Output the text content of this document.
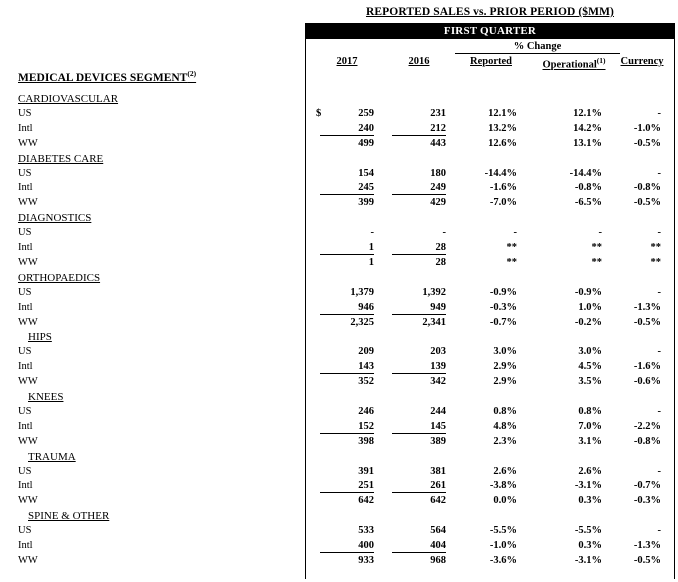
REPORTED SALES vs. PRIOR PERIOD ($MM)
FIRST QUARTER
% Change
2017	2016	Reported	Operational$^{(1)}$	Currency
MEDICAL DEVICES SEGMENT$^{(2)}$
CARDIOVASCULAR
US	$	259	231	12.1%	12.1%	-
Intl	240	212	13.2%	14.2%	-1.0%
WW	499	443	12.6%	13.1%	-0.5%
DIABETES CARE
US	154	180	-14.4%	-14.4%	-
Intl	245	249	-1.6%	-0.8%	-0.8%
WW	399	429	-7.0%	-6.5%	-0.5%
DIAGNOSTICS
US	-	-	-	-	-
Intl	1	28	**	**	**
WW	1	28	**	**	**
ORTHOPAEDICS
US	1,379	1,392	-0.9%	-0.9%	-
Intl	946	949	-0.3%	1.0%	-1.3%
WW	2,325	2,341	-0.7%	-0.2%	-0.5%
HIPS
US	209	203	3.0%	3.0%	-
Intl	143	139	2.9%	4.5%	-1.6%
WW	352	342	2.9%	3.5%	-0.6%
KNEES
US	246	244	0.8%	0.8%	-
Intl	152	145	4.8%	7.0%	-2.2%
WW	398	389	2.3%	3.1%	-0.8%
TRAUMA
US	391	381	2.6%	2.6%	-
Intl	251	261	-3.8%	-3.1%	-0.7%
WW	642	642	0.0%	0.3%	-0.3%
SPINE & OTHER
US	533	564	-5.5%	-5.5%	-
Intl	400	404	-1.0%	0.3%	-1.3%
WW	933	968	-3.6%	-3.1%	-0.5%
